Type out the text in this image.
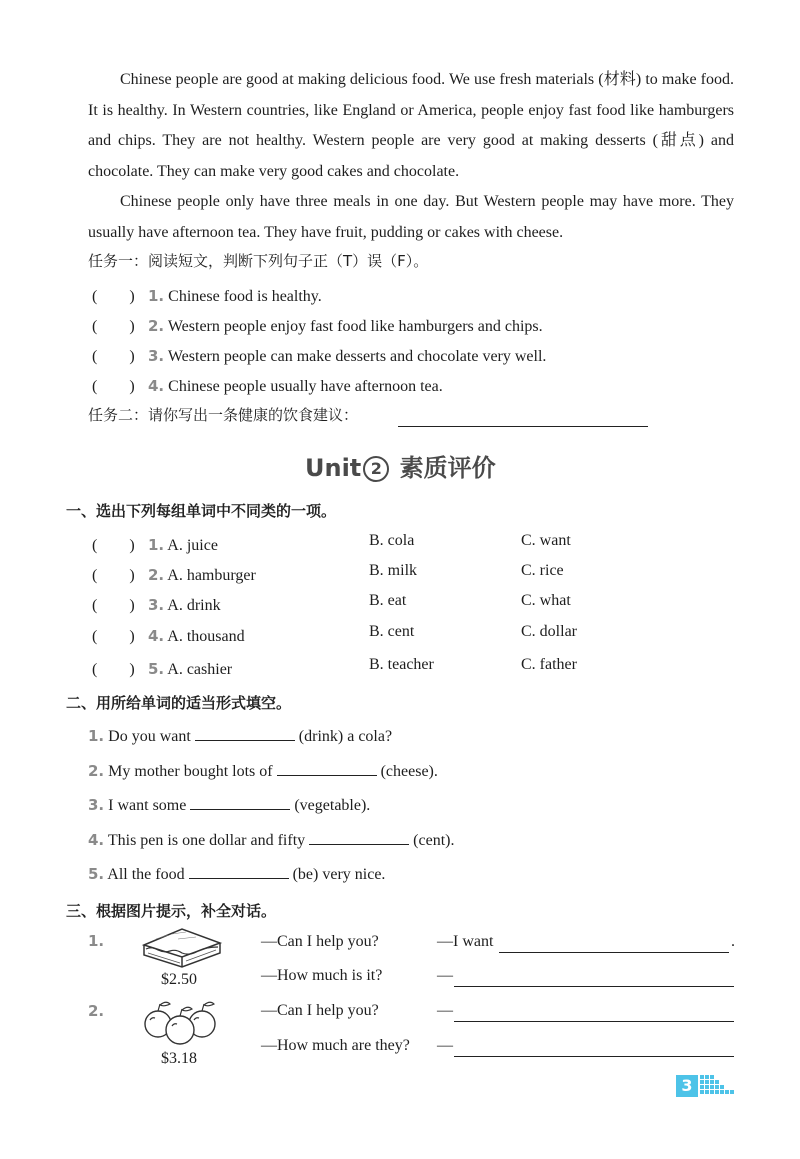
Chinese people are good at making delicious food. We use fresh materials (材料) to make food. It is healthy. In Western countries, like England or America, people enjoy fast food like hamburgers and chips. They are not healthy. Western people are very good at making desserts (甜点) and chocolate. They can make very good cakes and chocolate.

Chinese people only have three meals in one day. But Western people may have more. They usually have afternoon tea. They have fruit, pudding or cakes with cheese.

任务一：阅读短文，判断下列句子正（T）误（F）。
(　　) 1. Chinese food is healthy.
(　　) 2. Western people enjoy fast food like hamburgers and chips.
(　　) 3. Western people can make desserts and chocolate very well.
(　　) 4. Chinese people usually have afternoon tea.
任务二：请你写出一条健康的饮食建议：
Unit 2 素质评价
一、选出下列每组单词中不同类的一项。
(　　) 1. A. juice	B. cola	C. want
(　　) 2. A. hamburger	B. milk	C. rice
(　　) 3. A. drink	B. eat	C. what
(　　) 4. A. thousand	B. cent	C. dollar
(　　) 5. A. cashier	B. teacher	C. father
二、用所给单词的适当形式填空。
1. Do you want	(drink) a cola?
2. My mother bought lots of	(cheese).
3. I want some	(vegetable).
4. This pen is one dollar and fifty	(cent).
5. All the food	(be) very nice.
三、根据图片提示，补全对话。
1.
$2.50
—Can I help you?	—I want	.
—How much is it?	—
2.
$3.18
—Can I help you?	—
—How much are they? —
3
